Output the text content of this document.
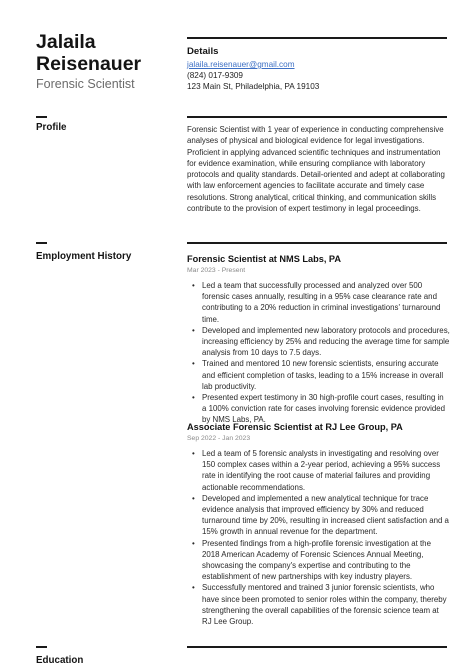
Jalaila
Reisenauer
Forensic Scientist
Details
jalaila.reisenauer@gmail.com
(824) 017-9309
123 Main St, Philadelphia, PA 19103
Profile	Forensic Scientist with 1 year of experience in conducting comprehensive analyses of physical and biological evidence for legal investigations. Proficient in applying advanced scientific techniques and instrumentation for evidence examination, while ensuring compliance with laboratory protocols and quality standards. Detail-oriented and adept at collaborating with law enforcement agencies to facilitate accurate and timely case resolutions. Strong analytical, critical thinking, and communication skills contribute to the provision of expert testimony in legal proceedings.
Employment History	Forensic Scientist at NMS Labs, PA
Mar 2023 - Present
• Led a team that successfully processed and analyzed over 500 forensic cases annually, resulting in a 95% case clearance rate and contributing to a 20% reduction in criminal investigations' turnaround time.
• Developed and implemented new laboratory protocols and procedures, increasing efficiency by 25% and reducing the average time for sample analysis from 10 days to 7.5 days.
• Trained and mentored 10 new forensic scientists, ensuring accurate and efficient completion of tasks, leading to a 15% increase in overall lab productivity.
• Presented expert testimony in 30 high-profile court cases, resulting in a 100% conviction rate for cases involving forensic evidence provided by NMS Labs, PA.
Associate Forensic Scientist at RJ Lee Group, PA
Sep 2022 - Jan 2023
• Led a team of 5 forensic analysts in investigating and resolving over 150 complex cases within a 2-year period, achieving a 95% success rate in identifying the root cause of material failures and providing actionable recommendations.
• Developed and implemented a new analytical technique for trace evidence analysis that improved efficiency by 30% and reduced turnaround time by 20%, resulting in increased client satisfaction and a 15% growth in annual revenue for the department.
• Presented findings from a high-profile forensic investigation at the 2018 American Academy of Forensic Sciences Annual Meeting, showcasing the company's expertise and contributing to the establishment of new partnerships with key industry players.
• Successfully mentored and trained 3 junior forensic scientists, who have since been promoted to senior roles within the company, thereby strengthening the overall capabilities of the forensic science team at RJ Lee Group.
Education
